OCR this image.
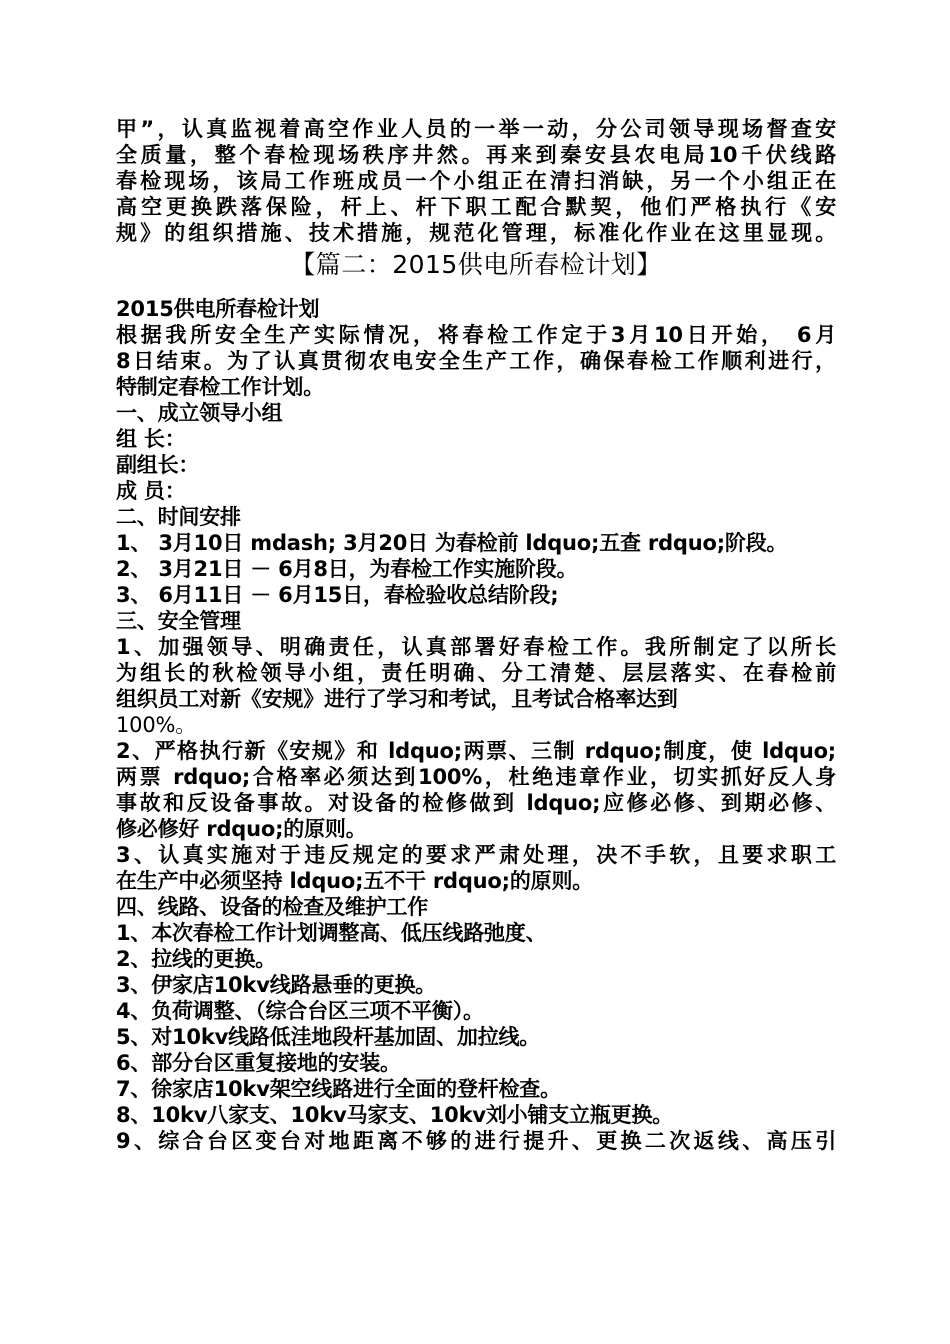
甲”，认真监视着高空作业人员的一举一动，分公司领导现场督查安
全质量，整个春检现场秩序井然。再来到秦安县农电局10千伏线路
春检现场，该局工作班成员一个小组正在清扫消缺，另一个小组正在
高空更换跌落保险，杆上、杆下职工配合默契，他们严格执行《安
规》的组织措施、技术措施，规范化管理，标准化作业在这里显现。
【篇二：2015供电所春检计划】
2015供电所春检计划
根据我所安全生产实际情况，将春检工作定于3月10日开始， 6月
8日结束。为了认真贯彻农电安全生产工作，确保春检工作顺利进行，
特制定春检工作计划。
一、成立领导小组
组 长：
副组长：
成 员：
二、时间安排
1、 3月10日 mdash; 3月20日 为春检前 ldquo;五查 rdquo;阶段。
2、 3月21日 － 6月8日，为春检工作实施阶段。
3、 6月11日 － 6月15日，春检验收总结阶段;
三、安全管理
1、加强领导、明确责任，认真部署好春检工作。我所制定了以所长
为组长的秋检领导小组，责任明确、分工清楚、层层落实、在春检前
组织员工对新《安规》进行了学习和考试，且考试合格率达到
100%。
2、严格执行新《安规》和 ldquo;两票、三制 rdquo;制度，使 ldquo;
两票 rdquo;合格率必须达到100%，杜绝违章作业，切实抓好反人身
事故和反设备事故。对设备的检修做到 ldquo;应修必修、到期必修、
修必修好 rdquo;的原则。
3、认真实施对于违反规定的要求严肃处理，决不手软，且要求职工
在生产中必须坚持 ldquo;五不干 rdquo;的原则。
四、线路、设备的检查及维护工作
1、本次春检工作计划调整高、低压线路弛度、
2、拉线的更换。
3、伊家店10kv线路悬垂的更换。
4、负荷调整、（综合台区三项不平衡）。
5、对10kv线路低洼地段杆基加固、加拉线。
6、部分台区重复接地的安装。
7、徐家店10kv架空线路进行全面的登杆检查。
8、10kv八家支、10kv马家支、10kv刘小铺支立瓶更换。
9、综合台区变台对地距离不够的进行提升、更换二次返线、高压引
